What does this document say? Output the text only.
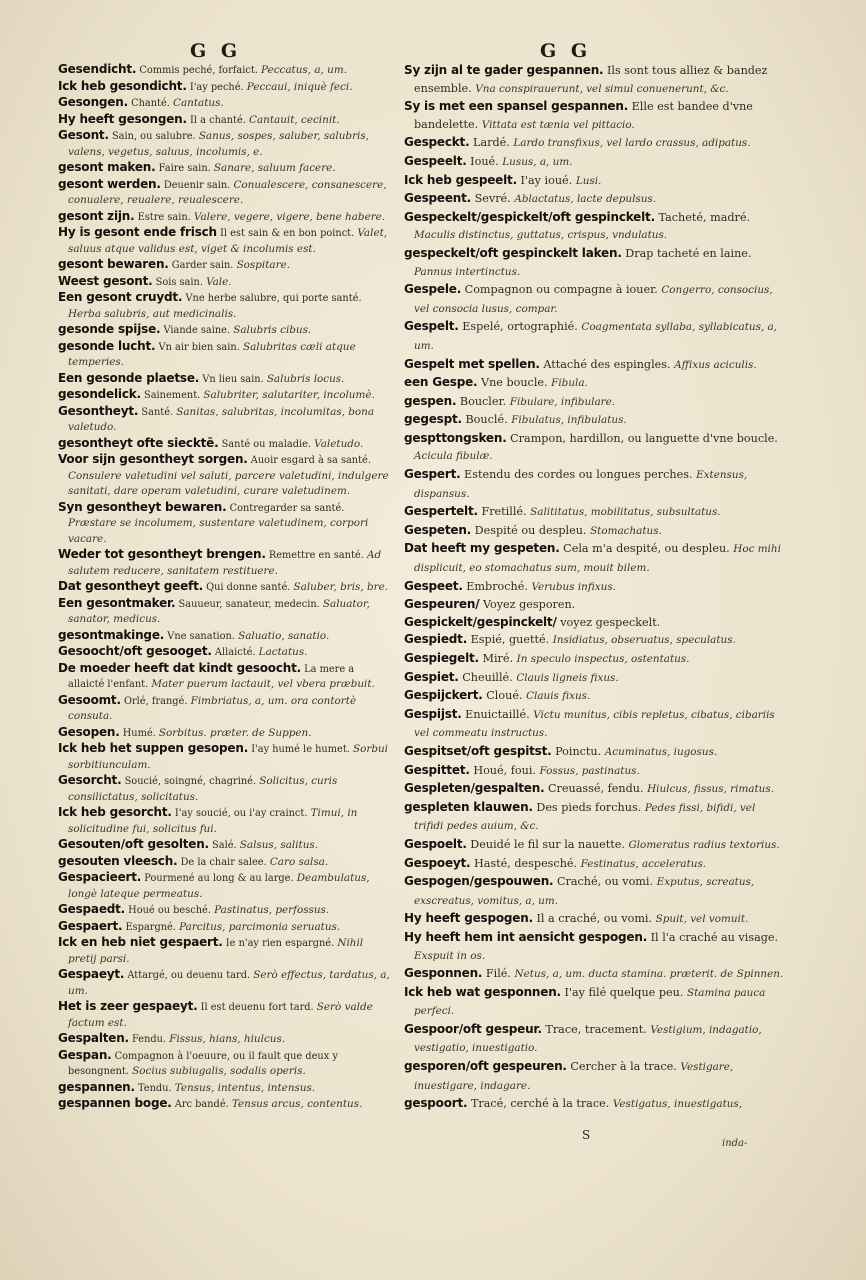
G G	G G

Gesendicht. Commis peché, forfaict. Peccatus, a, um.

Ick heb gesondicht. I'ay peché. Peccaui, iniquè feci.

Gesongen. Chanté. Cantatus.

Hy heeft gesongen. Il a chanté. Cantauit, cecinit.

Gesont. Sain, ou salubre. Sanus, sospes, saluber, salubris, valens, vegetus, saluus, incolumis, e.

gesont maken. Faire sain. Sanare, saluum facere.

gesont werden. Deuenir sain. Conualescere, consanescere, conualere, reualere, reualescere.

gesont zijn. Estre sain. Valere, vegere, vigere, bene habere.

Hy is gesont ende frisch Il est sain & en bon poinct. Valet, saluus atque validus est, viget & incolumis est.

gesont bewaren. Garder sain. Sospitare.

Weest gesont. Sois sain. Vale.

Een gesont cruydt. Vne herbe salubre, qui porte santé. Herba salubris, aut medicinalis.

gesonde spijse. Viande saine. Salubris cibus.

gesonde lucht. Vn air bien sain. Salubritas cæli atque temperies.

Een gesonde plaetse. Vn lieu sain. Salubris locus.

gesondelick. Sainement. Salubriter, salutariter, incolumè.

Gesontheyt. Santé. Sanitas, salubritas, incolumitas, bona valetudo.

gesontheyt ofte siecktē. Santé ou maladie. Valetudo.

Voor sijn gesontheyt sorgen. Auoir esgard à sa santé. Consulere valetudini vel saluti, parcere valetudini, indulgere sanitati, dare operam valetudini, curare valetudinem.

Syn gesontheyt bewaren. Contregarder sa santé. Præstare se incolumem, sustentare valetudinem, corpori vacare.

Weder tot gesontheyt brengen. Remettre en santé. Ad salutem reducere, sanitatem restituere.

Dat gesontheyt geeft. Qui donne santé. Saluber, bris, bre.

Een gesontmaker. Sauueur, sanateur, medecin. Saluator, sanator, medicus.

gesontmakinge. Vne sanation. Saluatio, sanatio.

Gesoocht/oft gesooget. Allaicté. Lactatus.

De moeder heeft dat kindt gesoocht. La mere a allaicté l'enfant. Mater puerum lactauit, vel vbera præbuit.

Gesoomt. Orlé, frangé. Fimbriatus, a, um. ora contortè consuta.

Gesopen. Humé. Sorbitus. præter. de Suppen.

Ick heb het suppen gesopen. I'ay humé le humet. Sorbui sorbitiunculam.

Gesorcht. Soucié, soingné, chagriné. Solicitus, curis consilictatus, solicitatus.

Ick heb gesorcht. I'ay soucié, ou i'ay crainct. Timui, in solicitudine fui, solicitus fui.

Gesouten/oft gesolten. Salé. Salsus, salitus.

gesouten vleesch. De la chair salee. Caro salsa.

Gespacieert. Pourmené au long & au large. Deambulatus, longè lateque permeatus.

Gespaedt. Houé ou besché. Pastinatus, perfossus.

Gespaert. Espargné. Parcitus, parcimonia seruatus.

Ick en heb niet gespaert. Ie n'ay rien espargné. Nihil pretij parsi.

Gespaeyt. Attargé, ou deuenu tard. Serò effectus, tardatus, a, um.

Het is zeer gespaeyt. Il est deuenu fort tard. Serò valde factum est.

Gespalten. Fendu. Fissus, hians, hiulcus.

Gespan. Compagnon à l'oeuure, ou il fault que deux y besongnent. Socius subiugalis, sodalis operis.

gespannen. Tendu. Tensus, intentus, intensus.

gespannen boge. Arc bandé. Tensus arcus, contentus.

Sy zijn al te gader gespannen. Ils sont tous alliez & bandez ensemble. Vna conspirauerunt, vel simul conuenerunt, &c.

Sy is met een spansel gespannen. Elle est bandee d'vne bandelette. Vittata est tænia vel pittacio.

Gespeckt. Lardé. Lardo transfixus, vel lardo crassus, adipatus.

Gespeelt. Ioué. Lusus, a, um.

Ick heb gespeelt. I'ay ioué. Lusi.

Gespeent. Sevré. Ablactatus, lacte depulsus.

Gespeckelt/gespickelt/oft gespinckelt. Tacheté, madré. Maculis distinctus, guttatus, crispus, vndulatus.

gespeckelt/oft gespinckelt laken. Drap tacheté en laine. Pannus intertinctus.

Gespele. Compagnon ou compagne à iouer. Congerro, consocius, vel consocia lusus, compar.

Gespelt. Espelé, ortographié. Coagmentata syllaba, syllabicatus, a, um.

Gespelt met spellen. Attaché des espingles. Affixus aciculis.

een Gespe. Vne boucle. Fibula.

gespen. Boucler. Fibulare, infibulare.

gegespt. Bouclé. Fibulatus, infibulatus.

gespttongsken. Crampon, hardillon, ou languette d'vne boucle. Acicula fibulæ.

Gespert. Estendu des cordes ou longues perches. Extensus, dispansus.

Gespertelt. Fretillé. Salititatus, mobilitatus, subsultatus.

Gespeten. Despité ou despleu. Stomachatus.

Dat heeft my gespeten. Cela m'a despité, ou despleu. Hoc mihi displicuit, eo stomachatus sum, mouit bilem.

Gespeet. Embroché. Verubus infixus.

Gespeuren/ Voyez gesporen.

Gespickelt/gespinckelt/ voyez gespeckelt.

Gespiedt. Espié, guetté. Insidiatus, obseruatus, speculatus.

Gespiegelt. Miré. In speculo inspectus, ostentatus.

Gespiet. Cheuillé. Clauis ligneis fixus.

Gespijckert. Cloué. Clauis fixus.

Gespijst. Enuictaillé. Victu munitus, cibis repletus, cibatus, cibariis vel commeatu instructus.

Gespitset/oft gespitst. Poinctu. Acuminatus, iugosus.

Gespittet. Houé, foui. Fossus, pastinatus.

Gespleten/gespalten. Creuassé, fendu. Hiulcus, fissus, rimatus.

gespleten klauwen. Des pieds forchus. Pedes fissi, bifidi, vel trifidi pedes auium, &c.

Gespoelt. Deuidé le fil sur la nauette. Glomeratus radius textorius.

Gespoeyt. Hasté, despesché. Festinatus, acceleratus.

Gespogen/gespouwen. Craché, ou vomi. Exputus, screatus, exscreatus, vomitus, a, um.

Hy heeft gespogen. Il a craché, ou vomi. Spuit, vel vomuit.

Hy heeft hem int aensicht gespogen. Il l'a craché au visage. Exspuit in os.

Gesponnen. Filé. Netus, a, um. ducta stamina. præterit. de Spinnen.

Ick heb wat gesponnen. I'ay filé quelque peu. Stamina pauca perfeci.

Gespoor/oft gespeur. Trace, tracement. Vestigium, indagatio, vestigatio, inuestigatio.

gesporen/oft gespeuren. Cercher à la trace. Vestigare, inuestigare, indagare.

gespoort. Tracé, cerché à la trace. Vestigatus, inuestigatus,

S
inda-
